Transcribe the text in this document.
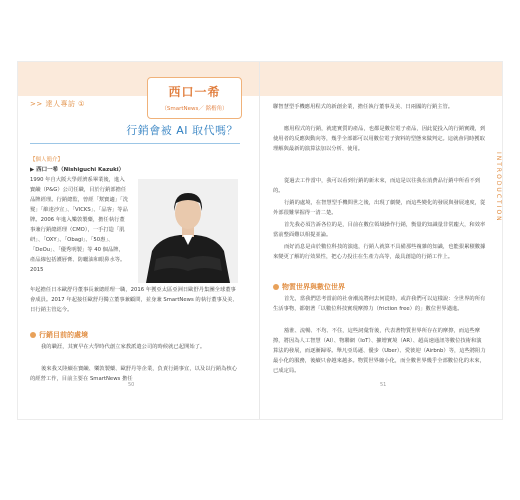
>> 達人專訪 ①
西口一希
（SmartNews／ 銘楷角）
行銷會被 AI 取代嗎？
【個人簡介】
▶ 西口一希（Nishiguchi Kazuki）
1990 年自大阪大學經濟系畢業後，進入寶鹼（P&G）公司任職，目於行銷部擔任品牌經理。行銷總監，曾經「幫寶適」「洗髮」「維達沙宣」、「VICKS」、「品客」等品牌。2006 年進入樂敦製藥，擔任執行董事兼行銷總經理（CMO），一手打造「肌研」、「OXY」、「Obagi」、「50惠」、「DeOu」、「優秀明製」等 40 個品牌，產品線包括護唇膏、防曬油和眼鼻水等。2015
年起擔任日本歐舒丹董事長兼總經理一職，2016 年獲亞太區亞洲日歐舒丹集團全球董事會成員。2017 年起接任歐舒丹獨立董事兼顧問，並身兼 SmartNews 的執行董事及美、日行銷主管迄今。
行銷目前的處境
我的職涯，其實早在大學時代創立家教派遣公司的時候就已起開始了。
後來我又陸續在寶鹼、樂敦製藥、歐舒丹等企業，負責行銷事宜，以及以行銷為核心的經營工作，目前主要在 SmartNews 擔任
50
聯智慧型手機應用程式的新創企業，擔任執行董事及美、日兩國的行銷主管。
應用程式的行銷，就建實質的產品，也都是數位電子產品，因此從投入的行銷實踐，到使用者的反應與動向等，幾乎全部都可以用數位電子資料的型態來做判定。這就會同時獲取理解與最新的演算法加以分析、使用。
從過去工作當中，我可以看到行銷的新未來，而這是以往我在消費品行銷中所看不到的。
行銷的處境，在智慧型手機問世之後，出現了劇變，而這些變化的發展與發展速度，從外部很難掌握得一清二楚。
首先我必須告訴各位的是，目前在數位領域操作行銷，衡量的知識量非常龐大，和效率當前整面難以相提並論。
而好消息是由於數位科技的演進，行銷人就算不具備那些複雜的知識，也能狠累積數據來變更了解的行效果性，把心力投注在生產力高等，最具創造的行銷工作上。
物質世界與數位世界
首先，當我們思考當前的社會潮流將何去何從時，或許我們可以這樣說：全世界的所有生活事物，都朝著「以數位科技實現摩擦力（friction free）的」數位世界邁進。
豁淮、流暢、不均、不住，這些詞彙背後，代表著物質世界所存在的摩擦，而這些摩擦，將因為人工智慧（AI）、物聯網（IoT）、擴增實境（AR）、超高速通訊等數位技術和演算法的發展，而逐漸歸零。舉凡亞馬遜、優步（Uber）、愛彼迎（Airbnb）等，這些將阻力最小化的服務，後續只會越來越多。物質世界縮小化，而全數世界幾乎全部數位化的未來，已成定局。
51
INTRODUCTION
